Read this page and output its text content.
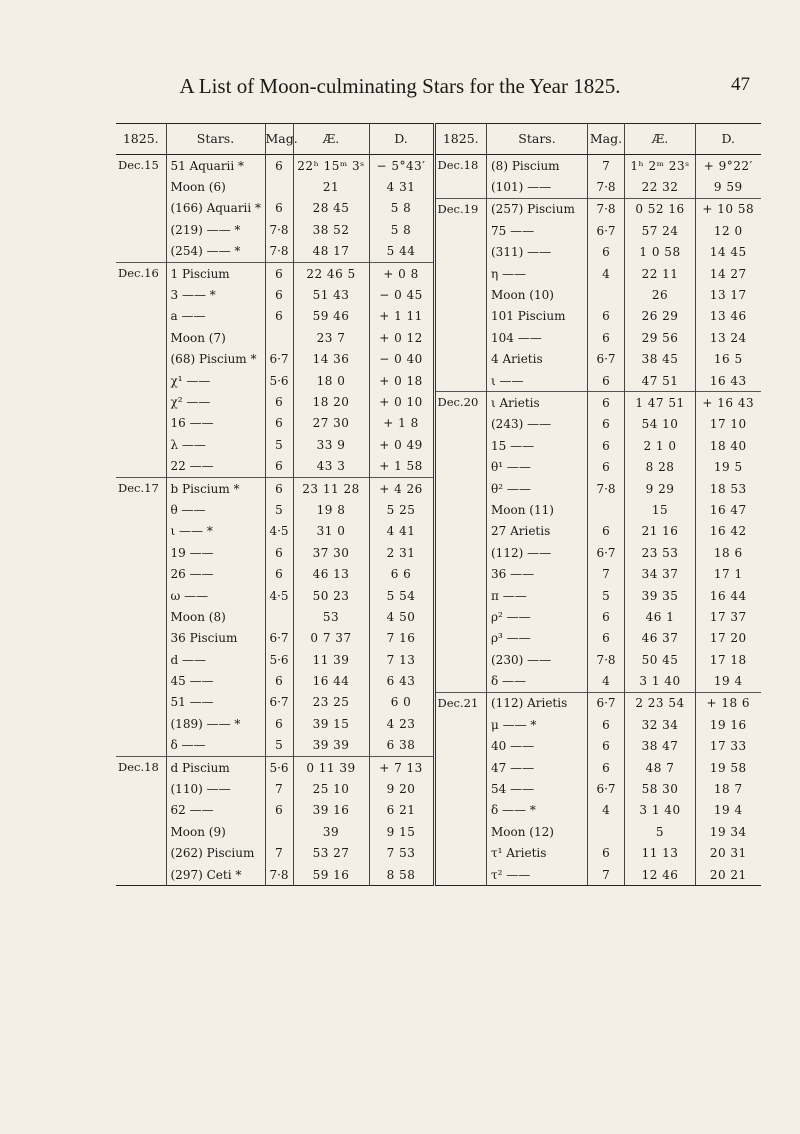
A List of Moon-culminating Stars for the Year 1825.	47
1825.	Stars.	Mag.	Æ.	D.
Dec.15	51 Aquarii *	6	22ʰ 15ᵐ 3ˢ	− 5°43′
	Moon (6)		21	4 31
	(166) Aquarii *	6	28 45	5 8
	(219) —— *	7·8	38 52	5 8
	(254) —— *	7·8	48 17	5 44
Dec.16	1 Piscium	6	22 46 5	+ 0 8
	3 —— *	6	51 43	− 0 45
	a ——	6	59 46	+ 1 11
	Moon (7)		23 7	+ 0 12
	(68) Piscium *	6·7	14 36	− 0 40
	χ¹ ——	5·6	18 0	+ 0 18
	χ² ——	6	18 20	+ 0 10
	16 ——	6	27 30	+ 1 8
	λ ——	5	33 9	+ 0 49
	22 ——	6	43 3	+ 1 58
Dec.17	b Piscium *	6	23 11 28	+ 4 26
	θ ——	5	19 8	5 25
	ι —— *	4·5	31 0	4 41
	19 ——	6	37 30	2 31
	26 ——	6	46 13	6 6
	ω ——	4·5	50 23	5 54
	Moon (8)		53	4 50
	36 Piscium	6·7	0 7 37	7 16
	d ——	5·6	11 39	7 13
	45 ——	6	16 44	6 43
	51 ——	6·7	23 25	6 0
	(189) —— *	6	39 15	4 23
	δ ——	5	39 39	6 38
Dec.18	d Piscium	5·6	0 11 39	+ 7 13
	(110) ——	7	25 10	9 20
	62 ——	6	39 16	6 21
	Moon (9)		39	9 15
	(262) Piscium	7	53 27	7 53
	(297) Ceti *	7·8	59 16	8 58
1825.	Stars.	Mag.	Æ.	D.
Dec.18	(8) Piscium	7	1ʰ 2ᵐ 23ˢ	+ 9°22′
	(101) ——	7·8	22 32	9 59
Dec.19	(257) Piscium	7·8	0 52 16	+ 10 58
	75 ——	6·7	57 24	12 0
	(311) ——	6	1 0 58	14 45
	η ——	4	22 11	14 27
	Moon (10)		26	13 17
	101 Piscium	6	26 29	13 46
	104 ——	6	29 56	13 24
	4 Arietis	6·7	38 45	16 5
	ι ——	6	47 51	16 43
Dec.20	ι Arietis	6	1 47 51	+ 16 43
	(243) ——	6	54 10	17 10
	15 ——	6	2 1 0	18 40
	θ¹ ——	6	8 28	19 5
	θ² ——	7·8	9 29	18 53
	Moon (11)		15	16 47
	27 Arietis	6	21 16	16 42
	(112) ——	6·7	23 53	18 6
	36 ——	7	34 37	17 1
	π ——	5	39 35	16 44
	ρ² ——	6	46 1	17 37
	ρ³ ——	6	46 37	17 20
	(230) ——	7·8	50 45	17 18
	δ ——	4	3 1 40	19 4
Dec.21	(112) Arietis	6·7	2 23 54	+ 18 6
	μ —— *	6	32 34	19 16
	40 ——	6	38 47	17 33
	47 ——	6	48 7	19 58
	54 ——	6·7	58 30	18 7
	δ —— *	4	3 1 40	19 4
	Moon (12)		5	19 34
	τ¹ Arietis	6	11 13	20 31
	τ² ——	7	12 46	20 21
